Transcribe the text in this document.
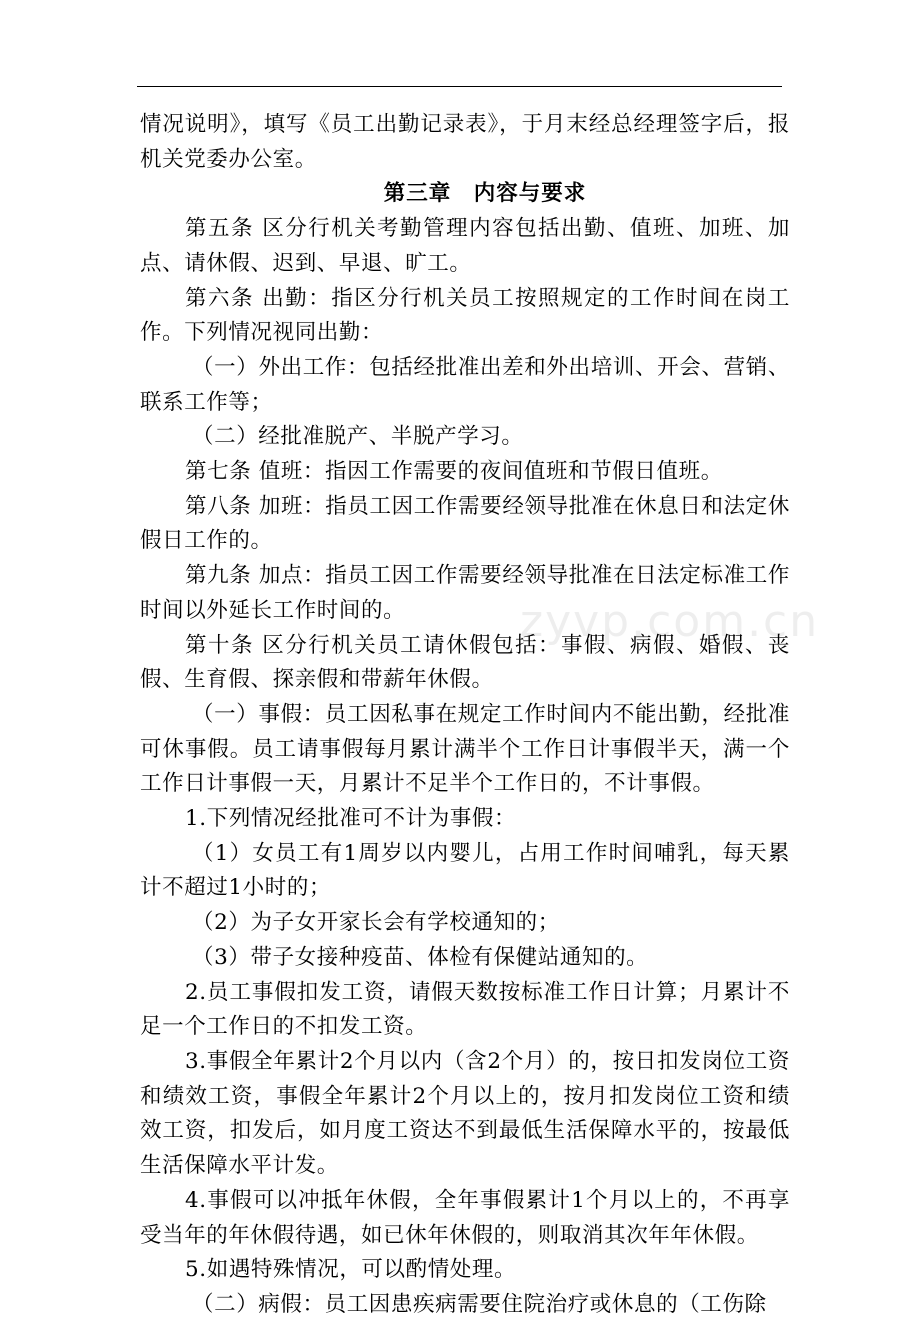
zyvp.com.cn

情况说明》，填写《员工出勤记录表》，于月末经总经理签字后，报机关党委办公室。

第三章　内容与要求

第五条 区分行机关考勤管理内容包括出勤、值班、加班、加点、请休假、迟到、早退、旷工。

第六条 出勤：指区分行机关员工按照规定的工作时间在岗工作。下列情况视同出勤：

（一）外出工作：包括经批准出差和外出培训、开会、营销、联系工作等；

（二）经批准脱产、半脱产学习。

第七条 值班：指因工作需要的夜间值班和节假日值班。

第八条 加班：指员工因工作需要经领导批准在休息日和法定休假日工作的。

第九条 加点：指员工因工作需要经领导批准在日法定标准工作时间以外延长工作时间的。

第十条 区分行机关员工请休假包括：事假、病假、婚假、丧假、生育假、探亲假和带薪年休假。

（一）事假：员工因私事在规定工作时间内不能出勤，经批准可休事假。员工请事假每月累计满半个工作日计事假半天，满一个工作日计事假一天，月累计不足半个工作日的，不计事假。

1.下列情况经批准可不计为事假：

（1）女员工有1周岁以内婴儿，占用工作时间哺乳，每天累计不超过1小时的；

（2）为子女开家长会有学校通知的；

（3）带子女接种疫苗、体检有保健站通知的。

2.员工事假扣发工资，请假天数按标准工作日计算；月累计不足一个工作日的不扣发工资。

3.事假全年累计2个月以内（含2个月）的，按日扣发岗位工资和绩效工资，事假全年累计2个月以上的，按月扣发岗位工资和绩效工资，扣发后，如月度工资达不到最低生活保障水平的，按最低生活保障水平计发。

4.事假可以冲抵年休假，全年事假累计1个月以上的，不再享受当年的年休假待遇，如已休年休假的，则取消其次年年休假。

5.如遇特殊情况，可以酌情处理。

（二）病假：员工因患疾病需要住院治疗或休息的（工伤除
